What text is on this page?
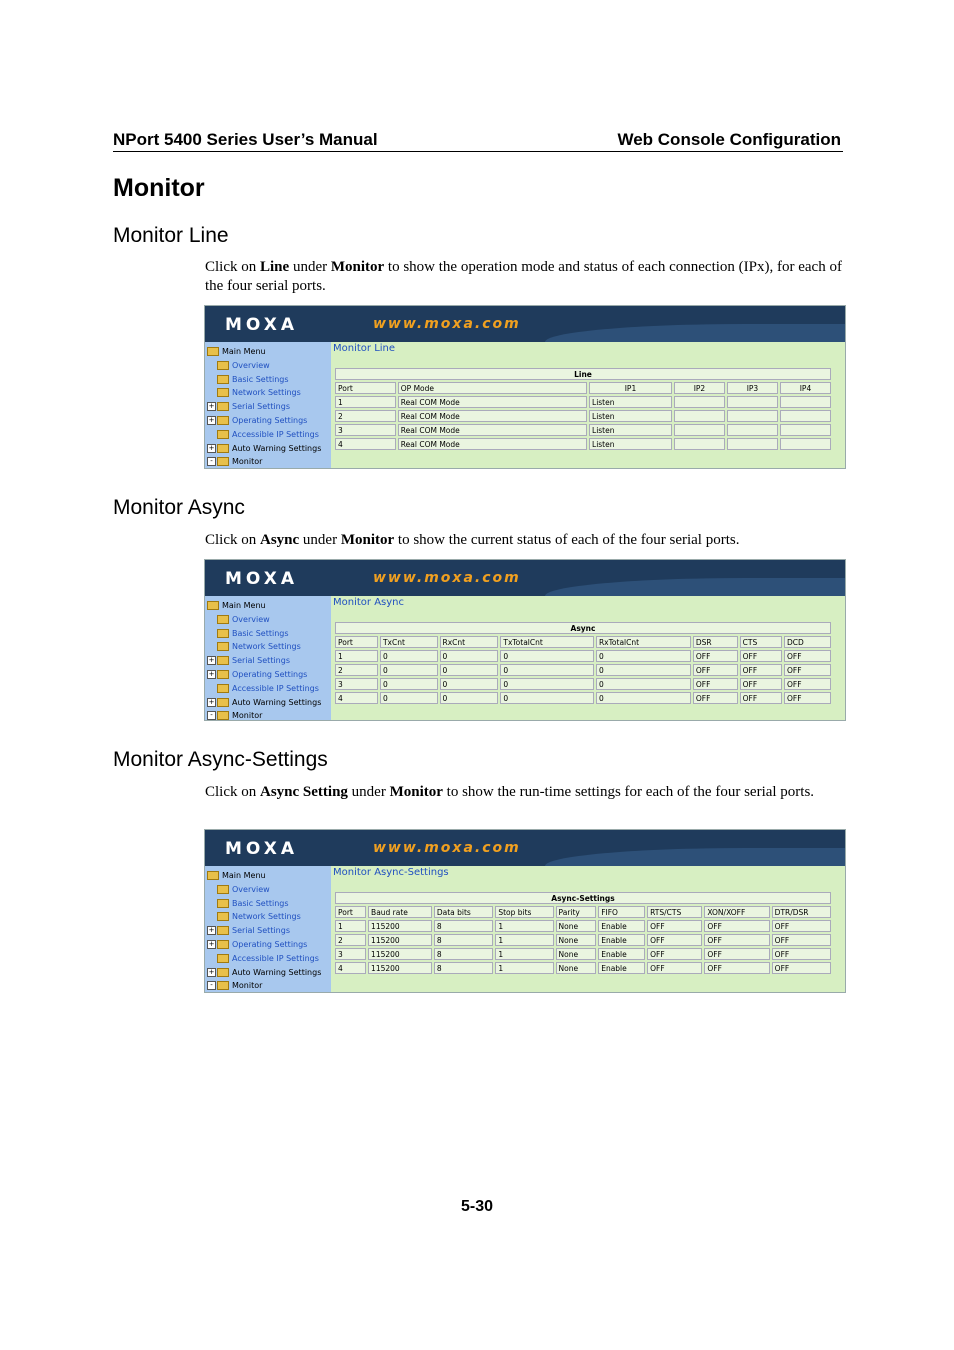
NPort 5400 Series User’s Manual	Web Console Configuration
Monitor
Monitor Line

Click on Line under Monitor to show the operation mode and status of each connection (IPx), for each of the four serial ports.

MOXA	www.moxa.com
Main Menu
Overview
Basic Settings
Network Settings
+ Serial Settings
+ Operating Settings
Accessible IP Settings
+ Auto Warning Settings
- Monitor
Monitor Line
Line					
Port	OP Mode	IP1	IP2	IP3	IP4
1	Real COM Mode	Listen			
2	Real COM Mode	Listen			
3	Real COM Mode	Listen			
4	Real COM Mode	Listen			
Monitor Async

Click on Async under Monitor to show the current status of each of the four serial ports.

MOXA	www.moxa.com
Main Menu
Overview
Basic Settings
Network Settings
+ Serial Settings
+ Operating Settings
Accessible IP Settings
+ Auto Warning Settings
- Monitor
Monitor Async
Async							
Port	TxCnt	RxCnt	TxTotalCnt	RxTotalCnt	DSR	CTS	DCD
1	0	0	0	0	OFF	OFF	OFF
2	0	0	0	0	OFF	OFF	OFF
3	0	0	0	0	OFF	OFF	OFF
4	0	0	0	0	OFF	OFF	OFF
Monitor Async-Settings

Click on Async Setting under Monitor to show the run-time settings for each of the four serial ports.

MOXA	www.moxa.com
Main Menu
Overview
Basic Settings
Network Settings
+ Serial Settings
+ Operating Settings
Accessible IP Settings
+ Auto Warning Settings
- Monitor
Monitor Async-Settings
Async-Settings								
Port	Baud rate	Data bits	Stop bits	Parity	FIFO	RTS/CTS	XON/XOFF	DTR/DSR
1	115200	8	1	None	Enable	OFF	OFF	OFF
2	115200	8	1	None	Enable	OFF	OFF	OFF
3	115200	8	1	None	Enable	OFF	OFF	OFF
4	115200	8	1	None	Enable	OFF	OFF	OFF
5-30
